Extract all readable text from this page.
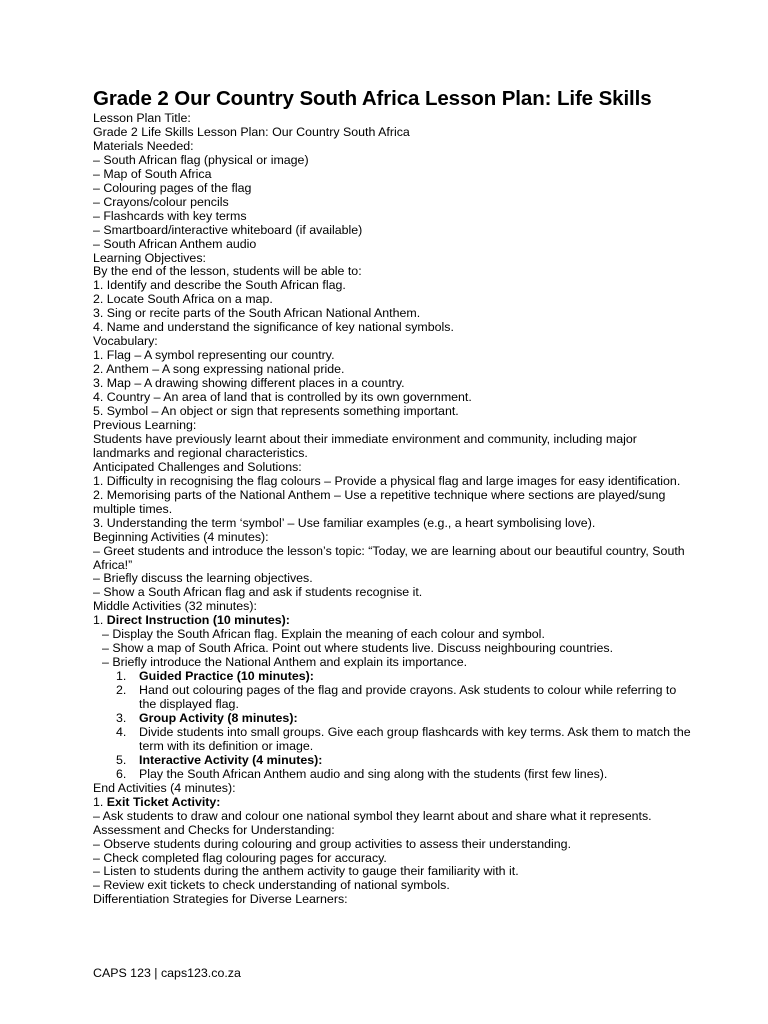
Grade 2 Our Country South Africa Lesson Plan: Life Skills
Lesson Plan Title:
Grade 2 Life Skills Lesson Plan: Our Country South Africa
Materials Needed:
– South African flag (physical or image)
– Map of South Africa
– Colouring pages of the flag
– Crayons/colour pencils
– Flashcards with key terms
– Smartboard/interactive whiteboard (if available)
– South African Anthem audio
Learning Objectives:
By the end of the lesson, students will be able to:
1. Identify and describe the South African flag.
2. Locate South Africa on a map.
3. Sing or recite parts of the South African National Anthem.
4. Name and understand the significance of key national symbols.
Vocabulary:
1. Flag – A symbol representing our country.
2. Anthem – A song expressing national pride.
3. Map – A drawing showing different places in a country.
4. Country – An area of land that is controlled by its own government.
5. Symbol – An object or sign that represents something important.
Previous Learning:
Students have previously learnt about their immediate environment and community, including major landmarks and regional characteristics.
Anticipated Challenges and Solutions:
1. Difficulty in recognising the flag colours – Provide a physical flag and large images for easy identification.
2. Memorising parts of the National Anthem – Use a repetitive technique where sections are played/sung multiple times.
3. Understanding the term ‘symbol’ – Use familiar examples (e.g., a heart symbolising love).
Beginning Activities (4 minutes):
– Greet students and introduce the lesson’s topic: “Today, we are learning about our beautiful country, South Africa!”
– Briefly discuss the learning objectives.
– Show a South African flag and ask if students recognise it.
Middle Activities (32 minutes):
1. Direct Instruction (10 minutes):
– Display the South African flag. Explain the meaning of each colour and symbol.
– Show a map of South Africa. Point out where students live. Discuss neighbouring countries.
– Briefly introduce the National Anthem and explain its importance.
1. Guided Practice (10 minutes):
2. Hand out colouring pages of the flag and provide crayons. Ask students to colour while referring to the displayed flag.
3. Group Activity (8 minutes):
4. Divide students into small groups. Give each group flashcards with key terms. Ask them to match the term with its definition or image.
5. Interactive Activity (4 minutes):
6. Play the South African Anthem audio and sing along with the students (first few lines).
End Activities (4 minutes):
1. Exit Ticket Activity:
– Ask students to draw and colour one national symbol they learnt about and share what it represents.
Assessment and Checks for Understanding:
– Observe students during colouring and group activities to assess their understanding.
– Check completed flag colouring pages for accuracy.
– Listen to students during the anthem activity to gauge their familiarity with it.
– Review exit tickets to check understanding of national symbols.
Differentiation Strategies for Diverse Learners:
CAPS 123 | caps123.co.za
